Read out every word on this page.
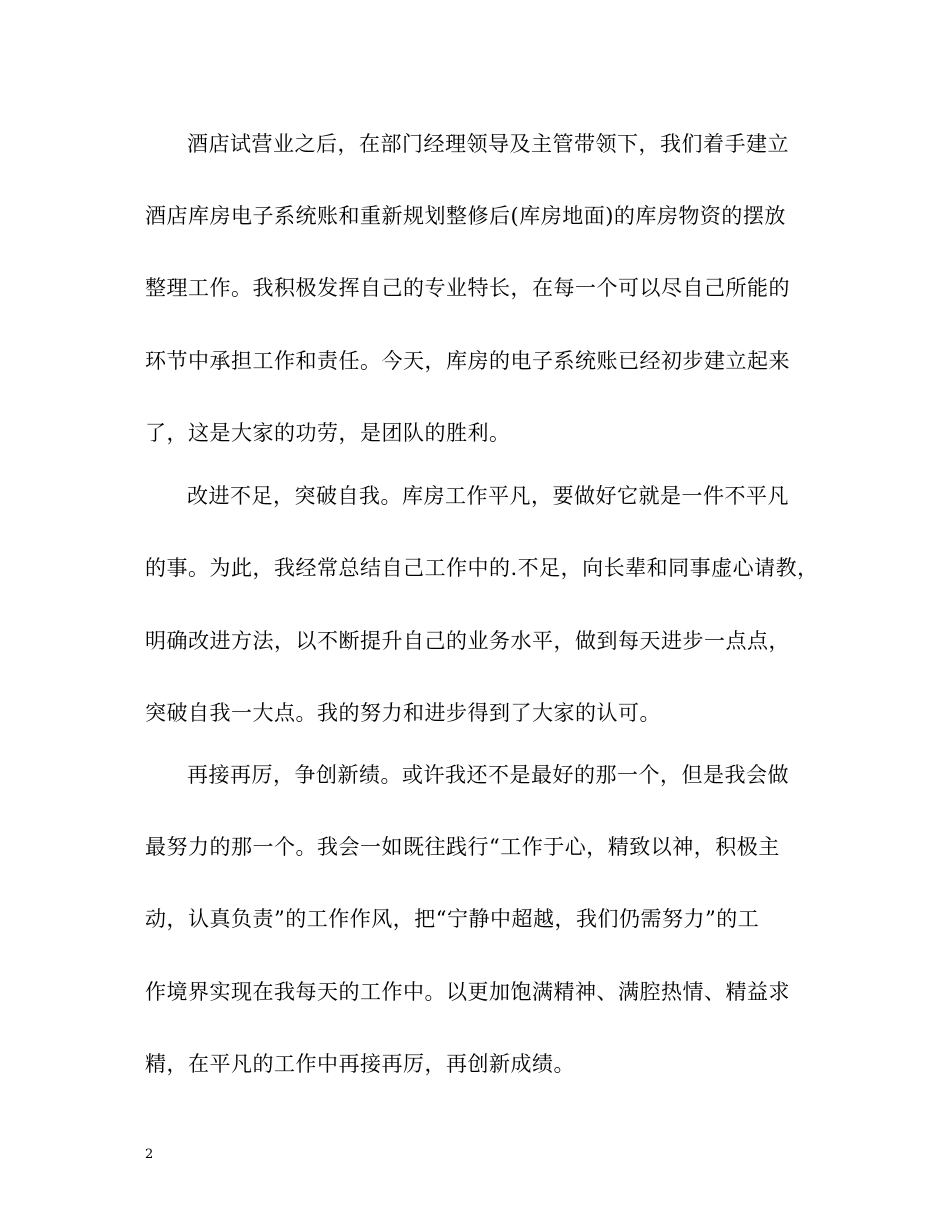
酒店试营业之后，在部门经理领导及主管带领下，我们着手建立
酒店库房电子系统账和重新规划整修后(库房地面)的库房物资的摆放
整理工作。我积极发挥自己的专业特长，在每一个可以尽自己所能的
环节中承担工作和责任。今天，库房的电子系统账已经初步建立起来
了，这是大家的功劳，是团队的胜利。
改进不足，突破自我。库房工作平凡，要做好它就是一件不平凡
的事。为此，我经常总结自己工作中的.不足，向长辈和同事虚心请教，
明确改进方法，以不断提升自己的业务水平，做到每天进步一点点，
突破自我一大点。我的努力和进步得到了大家的认可。
再接再厉，争创新绩。或许我还不是最好的那一个，但是我会做
最努力的那一个。我会一如既往践行“工作于心，精致以神，积极主
动，认真负责”的工作作风，把“宁静中超越，我们仍需努力”的工
作境界实现在我每天的工作中。以更加饱满精神、满腔热情、精益求
精，在平凡的工作中再接再厉，再创新成绩。
2
